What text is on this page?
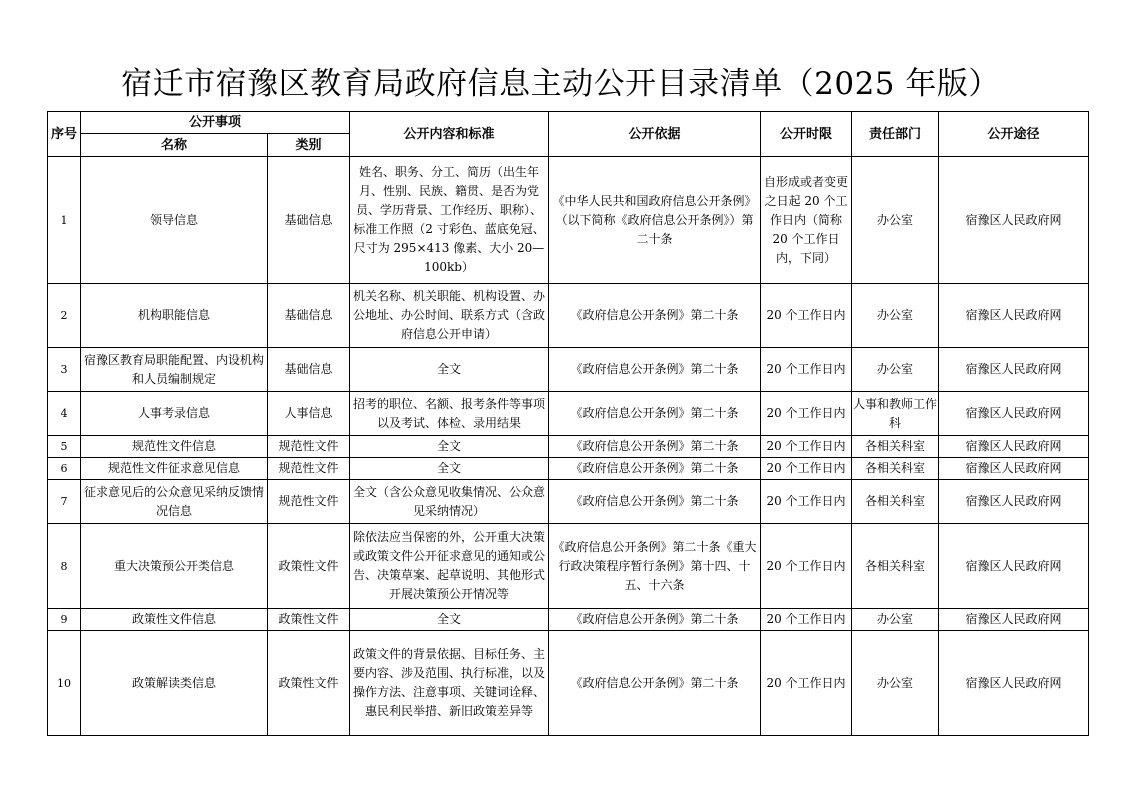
宿迁市宿豫区教育局政府信息主动公开目录清单（2025 年版）
序号	公开事项		公开内容和标准	公开依据	公开时限	责任部门	公开途径
	名称	类别					
1	领导信息	基础信息	姓名、职务、分工、简历（出生年月、性别、民族、籍贯、是否为党员、学历背景、工作经历、职称）、标准工作照（2 寸彩色、蓝底免冠、尺寸为 295×413 像素、大小 20—100kb）	《中华人民共和国政府信息公开条例》（以下简称《政府信息公开条例》）第二十条	自形成或者变更之日起 20 个工作日内（简称 20 个工作日内，下同）	办公室	宿豫区人民政府网
2	机构职能信息	基础信息	机关名称、机关职能、机构设置、办公地址、办公时间、联系方式（含政府信息公开申请）	《政府信息公开条例》第二十条	20 个工作日内	办公室	宿豫区人民政府网
3	宿豫区教育局职能配置、内设机构和人员编制规定	基础信息	全文	《政府信息公开条例》第二十条	20 个工作日内	办公室	宿豫区人民政府网
4	人事考录信息	人事信息	招考的职位、名额、报考条件等事项以及考试、体检、录用结果	《政府信息公开条例》第二十条	20 个工作日内	人事和教师工作科	宿豫区人民政府网
5	规范性文件信息	规范性文件	全文	《政府信息公开条例》第二十条	20 个工作日内	各相关科室	宿豫区人民政府网
6	规范性文件征求意见信息	规范性文件	全文	《政府信息公开条例》第二十条	20 个工作日内	各相关科室	宿豫区人民政府网
7	征求意见后的公众意见采纳反馈情况信息	规范性文件	全文（含公众意见收集情况、公众意见采纳情况）	《政府信息公开条例》第二十条	20 个工作日内	各相关科室	宿豫区人民政府网
8	重大决策预公开类信息	政策性文件	除依法应当保密的外，公开重大决策或政策文件公开征求意见的通知或公告、决策草案、起草说明、其他形式开展决策预公开情况等	《政府信息公开条例》第二十条《重大行政决策程序暂行条例》第十四、十五、十六条	20 个工作日内	各相关科室	宿豫区人民政府网
9	政策性文件信息	政策性文件	全文	《政府信息公开条例》第二十条	20 个工作日内	办公室	宿豫区人民政府网
10	政策解读类信息	政策性文件	政策文件的背景依据、目标任务、主要内容、涉及范围、执行标准，以及操作方法、注意事项、关键词诠释、惠民利民举措、新旧政策差异等	《政府信息公开条例》第二十条	20 个工作日内	办公室	宿豫区人民政府网
